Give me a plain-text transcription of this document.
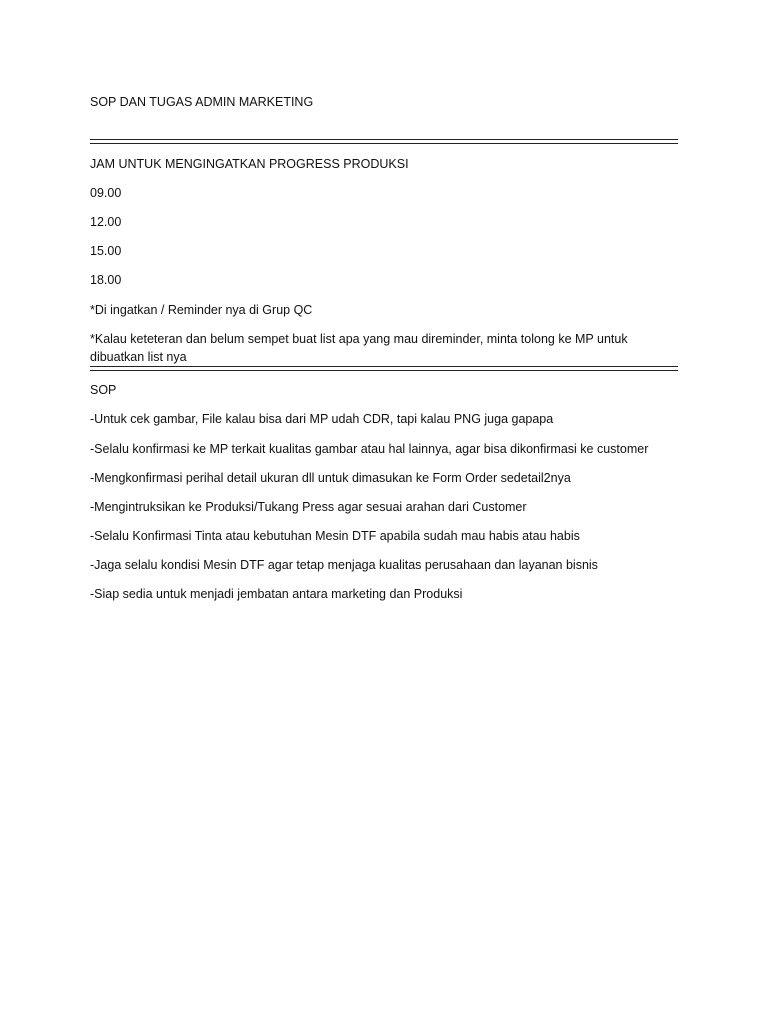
SOP DAN TUGAS ADMIN MARKETING
JAM UNTUK MENGINGATKAN PROGRESS PRODUKSI
09.00
12.00
15.00
18.00
*Di ingatkan / Reminder nya di Grup QC
*Kalau keteteran dan belum sempet buat list apa yang mau direminder, minta tolong ke MP untuk dibuatkan list nya
SOP
-Untuk cek gambar, File kalau bisa dari MP udah CDR, tapi kalau PNG juga gapapa
-Selalu konfirmasi ke MP terkait kualitas gambar atau hal lainnya, agar bisa dikonfirmasi ke customer
-Mengkonfirmasi perihal detail ukuran dll untuk dimasukan ke Form Order sedetail2nya
-Mengintruksikan ke Produksi/Tukang Press agar sesuai arahan dari Customer
-Selalu Konfirmasi Tinta atau kebutuhan Mesin DTF apabila sudah mau habis atau habis
-Jaga selalu kondisi Mesin DTF agar tetap menjaga kualitas perusahaan dan layanan bisnis
-Siap sedia untuk menjadi jembatan antara marketing dan Produksi
